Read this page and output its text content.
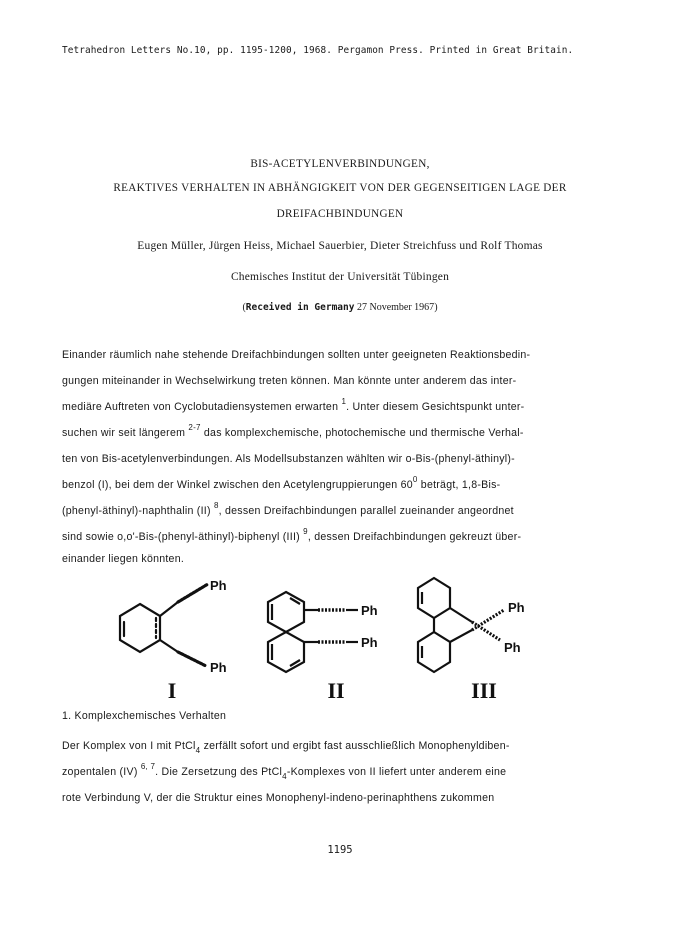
Tetrahedron Letters No.10, pp. 1195-1200, 1968. Pergamon Press. Printed in Great Britain.
BIS-ACETYLENVERBINDUNGEN,
REAKTIVES VERHALTEN IN ABHÄNGIGKEIT VON DER GEGENSEITIGEN LAGE DER
DREIFACHBINDUNGEN
Eugen Müller, Jürgen Heiss, Michael Sauerbier, Dieter Streichfuss und Rolf Thomas
Chemisches Institut der Universität Tübingen
(Received in Germany 27 November 1967)
Einander räumlich nahe stehende Dreifachbindungen sollten unter geeigneten Reaktionsbedin-
gungen miteinander in Wechselwirkung treten können. Man könnte unter anderem das inter-
mediäre Auftreten von Cyclobutadiensystemen erwarten $^1$. Unter diesem Gesichtspunkt unter-
suchen wir seit längerem $^{2-7}$ das komplexchemische, photochemische und thermische Verhal-
ten von Bis-acetylenverbindungen. Als Modellsubstanzen wählten wir o-Bis-(phenyl-äthinyl)-
benzol (I), bei dem der Winkel zwischen den Acetylengruppierungen $60^0$ beträgt, 1,8-Bis-
(phenyl-äthinyl)-naphthalin (II) $^8$, dessen Dreifachbindungen parallel zueinander angeordnet
sind sowie o,o'-Bis-(phenyl-äthinyl)-biphenyl (III) $^9$, dessen Dreifachbindungen gekreuzt über-
einander liegen könnten.
Ph
Ph
I
Ph
Ph
II
Ph
Ph
III
1. Komplexchemisches Verhalten
Der Komplex von I mit PtCl$_4$ zerfällt sofort und ergibt fast ausschließlich Monophenyldiben-
zopentalen (IV) $^{6, 7}$. Die Zersetzung des PtCl$_4$-Komplexes von II liefert unter anderem eine
rote Verbindung V, der die Struktur eines Monophenyl-indeno-perinaphthens zukommen
1195
